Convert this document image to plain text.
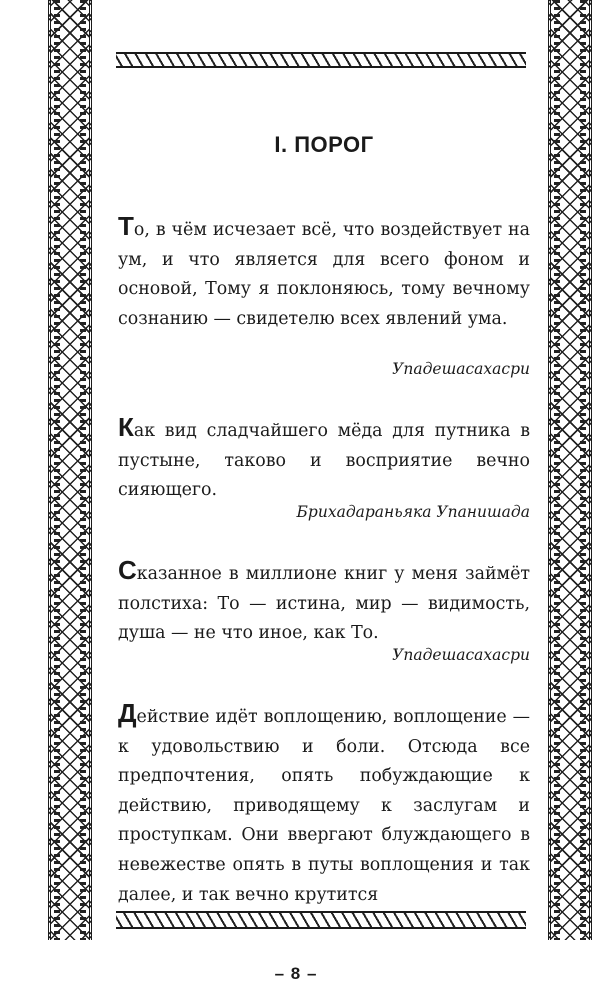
I. ПОРОГ

То, в чём исчезает всё, что воздействует на ум, и что является для всего фоном и основой, Тому я поклоняюсь, тому вечному сознанию — свидетелю всех явлений ума.

Упадешасахасри

Как вид сладчайшего мёда для путника в пустыне, таково и восприятие вечно сияющего.

Брихадараньяка Упанишада

Сказанное в миллионе книг у меня займёт полстиха: То — истина, мир — видимость, душа — не что иное, как То.

Упадешасахасри

Действие идёт воплощению, воплощение — к удовольствию и боли. Отсюда все предпочтения, опять побуждающие к действию, приводящему к заслугам и проступкам. Они ввергают блуждающего в невежестве опять в путы воплощения и так далее, и так вечно крутится

– 8 –
